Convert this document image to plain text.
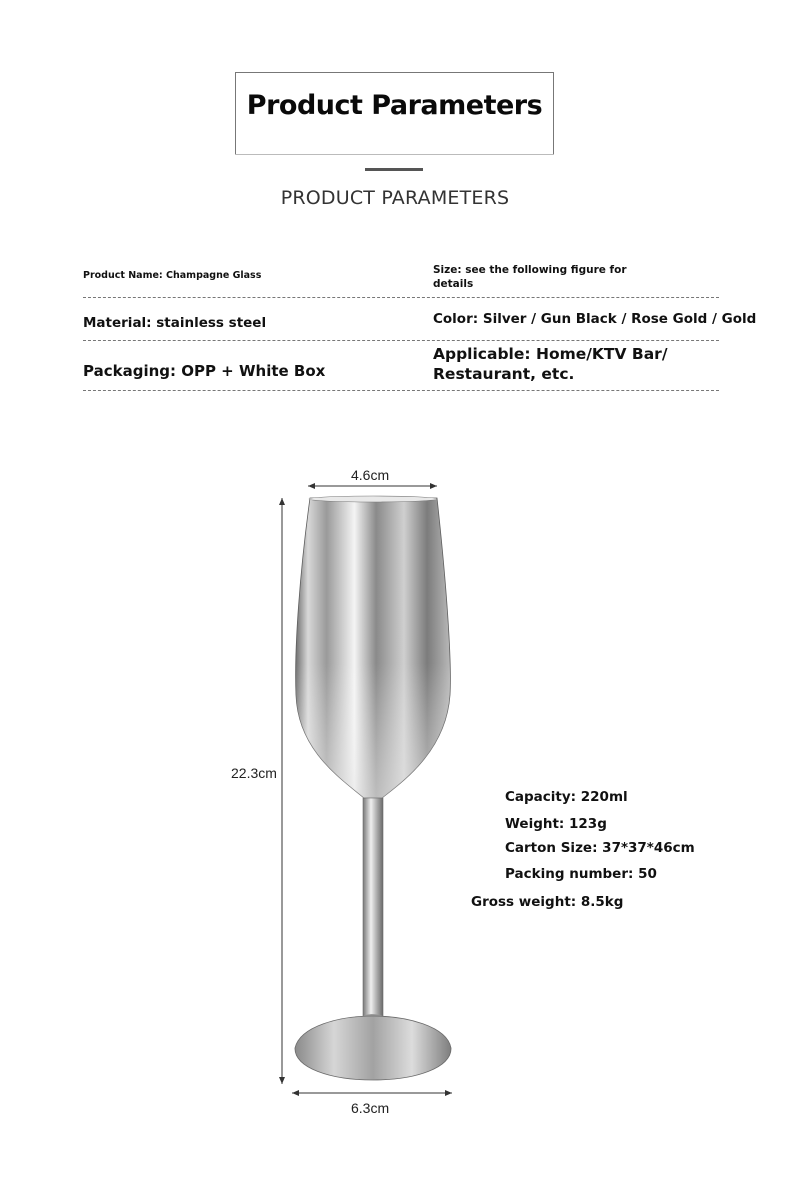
Product Parameters
PRODUCT PARAMETERS
Product Name: Champagne Glass	Size: see the following figure for
details
Material: stainless steel	Color: Silver / Gun Black / Rose Gold / Gold
Packaging: OPP + White Box
Applicable: Home/KTV Bar/
Restaurant, etc.
4.6cm
22.3cm
6.3cm
Capacity: 220ml
Weight: 123g
Carton Size: 37*37*46cm
Packing number: 50
Gross weight: 8.5kg
